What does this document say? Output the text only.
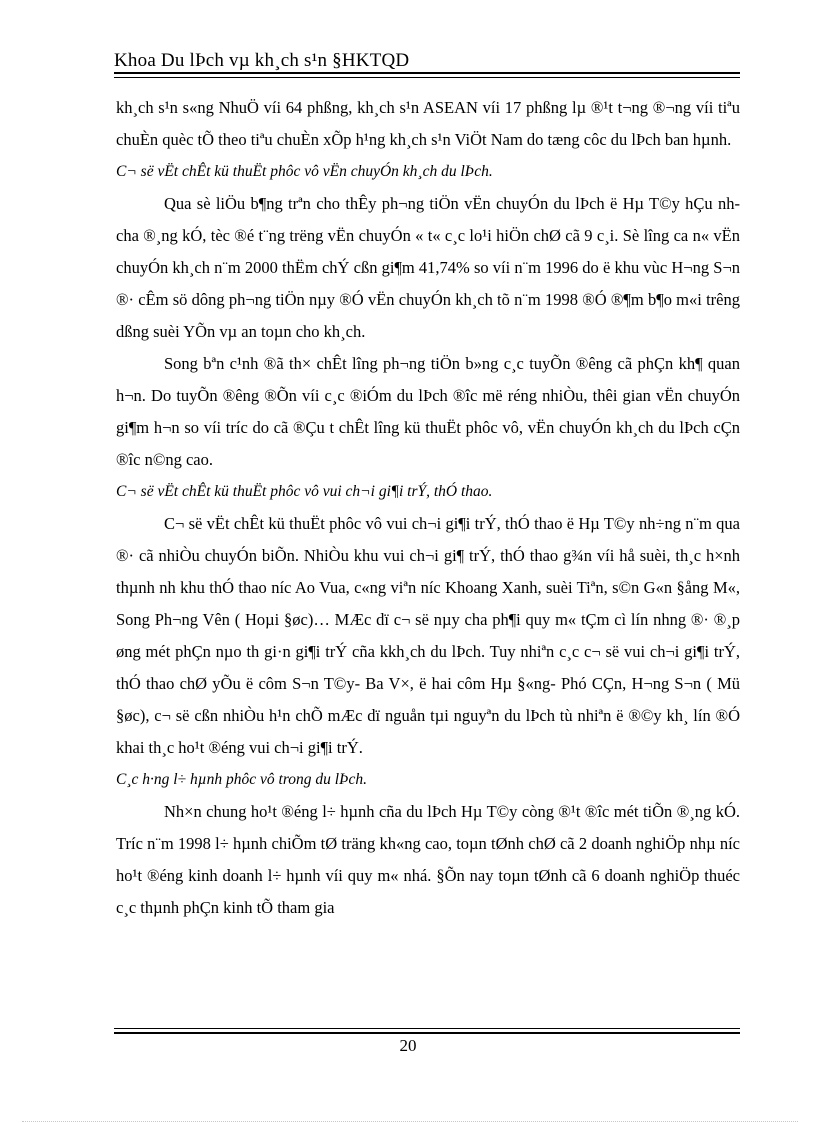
Khoa Du lÞch vµ kh¸ch s¹n §HKTQD

kh¸ch s¹n s«ng NhuÖ víi 64 phßng, kh¸ch s¹n ASEAN víi 17 phßng lµ ®¹t t¬ng ®¬ng víi tiªu chuÈn quèc tÕ theo tiªu chuÈn xÕp h¹ng kh¸ch s¹n ViÖt Nam do tæng côc du lÞch ban hµnh.

C¬ së vËt chÊt kü thuËt phôc vô vËn chuyÓn kh¸ch du lÞch.

Qua sè liÖu b¶ng trªn cho thÊy ph¬ng tiÖn vËn chuyÓn du lÞch ë Hµ T©y hÇu nh cha ®¸ng kÓ, tèc ®é t¨ng trëng vËn chuyÓn « t« c¸c lo¹i hiÖn chØ cã 9 c¸i. Sè lîng ca n« vËn chuyÓn kh¸ch n¨m 2000 thËm chÝ cßn gi¶m 41,74% so víi n¨m 1996 do ë khu vùc H¬ng S¬n ®· cÊm sö dông ph¬ng tiÖn nµy ®Ó vËn chuyÓn kh¸ch tõ n¨m 1998 ®Ó ®¶m b¶o m«i trêng dßng suèi YÕn vµ an toµn cho kh¸ch.

Song bªn c¹nh ®ã th× chÊt lîng ph¬ng tiÖn b»ng c¸c tuyÕn ®êng cã phÇn kh¶ quan h¬n. Do tuyÕn ®êng ®Õn víi c¸c ®iÓm du lÞch ®îc më réng nhiÒu, thêi gian vËn chuyÓn gi¶m h¬n so víi tríc do cã ®Çu t chÊt lîng kü thuËt phôc vô, vËn chuyÓn kh¸ch du lÞch cÇn ®îc n©ng cao.

C¬ së vËt chÊt kü thuËt phôc vô vui ch¬i gi¶i trÝ, thÓ thao.

C¬ së vËt chÊt kü thuËt phôc vô vui ch¬i gi¶i trÝ, thÓ thao ë Hµ T©y nh÷ng n¨m qua ®· cã nhiÒu chuyÓn biÕn. NhiÒu khu vui ch¬i gi¶ trÝ, thÓ thao g¾n víi hå suèi, th¸c h×nh thµnh nh khu thÓ thao níc Ao Vua, c«ng viªn níc Khoang Xanh, suèi Tiªn, s©n G«n §ång M«, Song Ph¬ng Vên ( Hoµi §øc)… MÆc dï c¬ së nµy cha ph¶i quy m« tÇm cì lín nhng ®· ®¸p øng mét phÇn nµo th gi·n gi¶i trÝ cña kkh¸ch du lÞch. Tuy nhiªn c¸c c¬ së vui ch¬i gi¶i trÝ, thÓ thao chØ yÕu ë côm S¬n T©y- Ba V×, ë hai côm Hµ §«ng- Phó CÇn, H¬ng S¬n ( Mü §øc), c¬ së cßn nhiÒu h¹n chÕ mÆc dï nguån tµi nguyªn du lÞch tù nhiªn ë ®©y kh¸ lín ®Ó khai th¸c ho¹t ®éng vui ch¬i gi¶i trÝ.

C¸c h·ng l÷ hµnh phôc vô trong du lÞch.

Nh×n chung ho¹t ®éng l÷ hµnh cña du lÞch Hµ T©y còng ®¹t ®îc mét tiÕn ®¸ng kÓ. Tríc n¨m 1998 l÷ hµnh chiÕm tØ träng kh«ng cao, toµn tØnh chØ cã 2 doanh nghiÖp nhµ níc ho¹t ®éng kinh doanh l÷ hµnh víi quy m« nhá. §Õn nay toµn tØnh cã 6 doanh nghiÖp thuéc c¸c thµnh phÇn kinh tÕ tham gia

20
